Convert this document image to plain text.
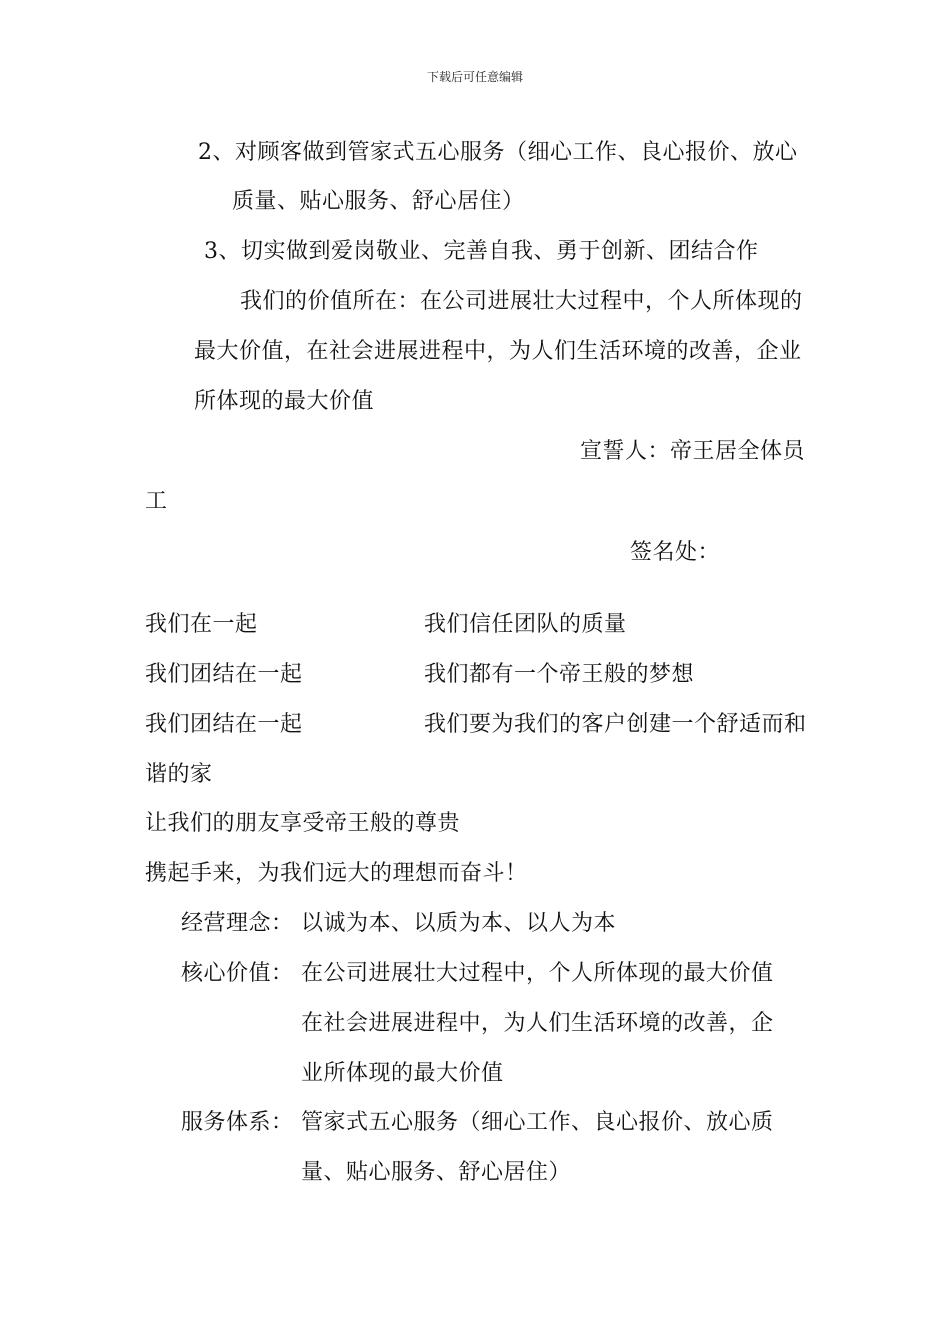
下载后可任意编辑
2、对顾客做到管家式五心服务（细心工作、良心报价、放心
质量、贴心服务、舒心居住）
3、切实做到爱岗敬业、完善自我、勇于创新、团结合作
我们的价值所在：在公司进展壮大过程中，个人所体现的
最大价值，在社会进展进程中，为人们生活环境的改善，企业
所体现的最大价值
宣誓人：帝王居全体员
工
签名处：
我们在一起	我们信任团队的质量
我们团结在一起	我们都有一个帝王般的梦想
我们团结在一起	我们要为我们的客户创建一个舒适而和
谐的家
让我们的朋友享受帝王般的尊贵
携起手来，为我们远大的理想而奋斗！
经营理念： 以诚为本、以质为本、以人为本
核心价值： 在公司进展壮大过程中，个人所体现的最大价值
在社会进展进程中，为人们生活环境的改善，企
业所体现的最大价值
服务体系： 管家式五心服务（细心工作、良心报价、放心质
量、贴心服务、舒心居住）
